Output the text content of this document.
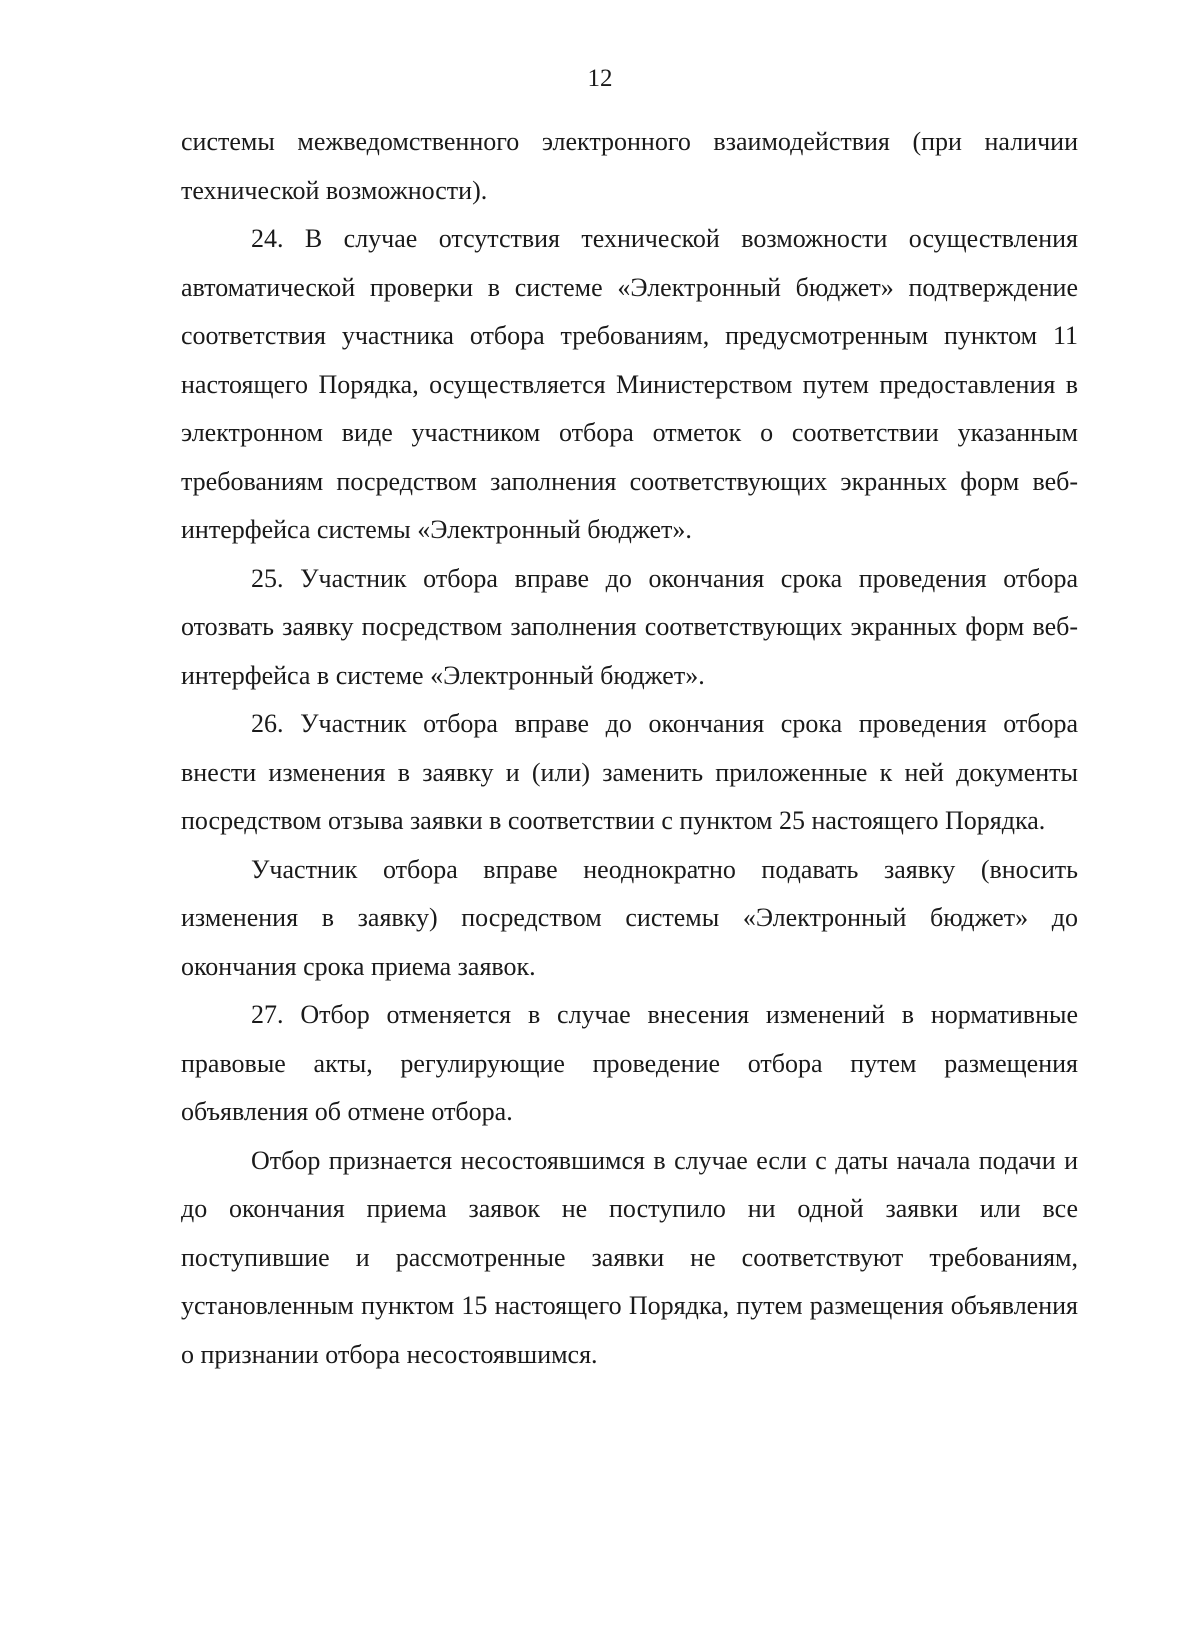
12

системы межведомственного электронного взаимодействия (при наличии технической возможности).

24. В случае отсутствия технической возможности осуществления автоматической проверки в системе «Электронный бюджет» подтверждение соответствия участника отбора требованиям, предусмотренным пунктом 11 настоящего Порядка, осуществляется Министерством путем предоставления в электронном виде участником отбора отметок о соответствии указанным требованиям посредством заполнения соответствующих экранных форм веб-интерфейса системы «Электронный бюджет».

25. Участник отбора вправе до окончания срока проведения отбора отозвать заявку посредством заполнения соответствующих экранных форм веб-интерфейса в системе «Электронный бюджет».

26. Участник отбора вправе до окончания срока проведения отбора внести изменения в заявку и (или) заменить приложенные к ней документы посредством отзыва заявки в соответствии с пунктом 25 настоящего Порядка.

Участник отбора вправе неоднократно подавать заявку (вносить изменения в заявку) посредством системы «Электронный бюджет» до окончания срока приема заявок.

27. Отбор отменяется в случае внесения изменений в нормативные правовые акты, регулирующие проведение отбора путем размещения объявления об отмене отбора.

Отбор признается несостоявшимся в случае если с даты начала подачи и до окончания приема заявок не поступило ни одной заявки или все поступившие и рассмотренные заявки не соответствуют требованиям, установленным пунктом 15 настоящего Порядка, путем размещения объявления о признании отбора несостоявшимся.
